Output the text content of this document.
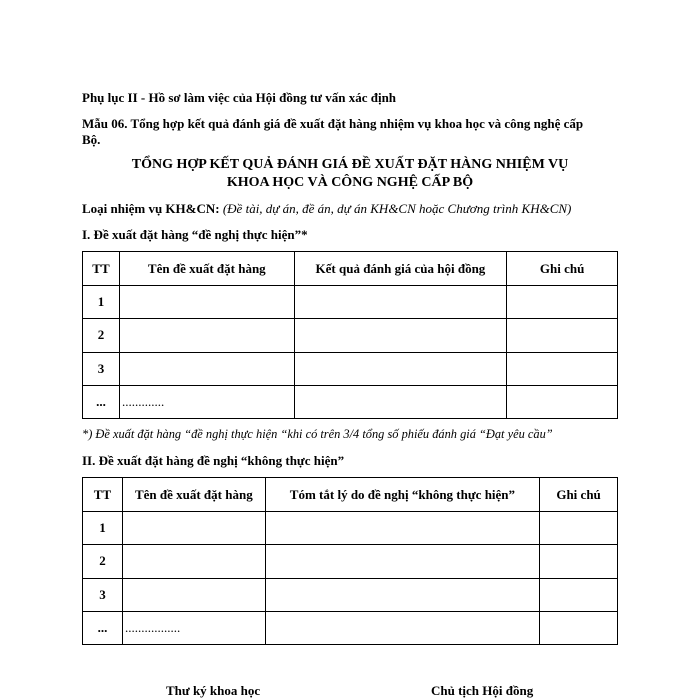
Phụ lục II - Hồ sơ làm việc của Hội đồng tư vấn xác định
Mẫu 06. Tổng hợp kết quả đánh giá đề xuất đặt hàng nhiệm vụ khoa học và công nghệ cấp
Bộ.
TỔNG HỢP KẾT QUẢ ĐÁNH GIÁ ĐỀ XUẤT ĐẶT HÀNG NHIỆM VỤ
KHOA HỌC VÀ CÔNG NGHỆ CẤP BỘ
Loại nhiệm vụ KH&CN: (Đề tài, dự án, đề án, dự án KH&CN hoặc Chương trình KH&CN)
I. Đề xuất đặt hàng “đề nghị thực hiện”*
TT	Tên đề xuất đặt hàng	Kết quả đánh giá của hội đồng	Ghi chú
1			
2			
3			
...	.............		
*) Đề xuất đặt hàng “đề nghị thực hiện “khi có trên 3/4 tổng số phiếu đánh giá “Đạt yêu cầu”
II. Đề xuất đặt hàng đề nghị “không thực hiện”
TT	Tên đề xuất đặt hàng	Tóm tắt lý do đề nghị “không thực hiện”	Ghi chú
1			
2			
3			
...	.................		
Thư ký khoa học	Chủ tịch Hội đồng
